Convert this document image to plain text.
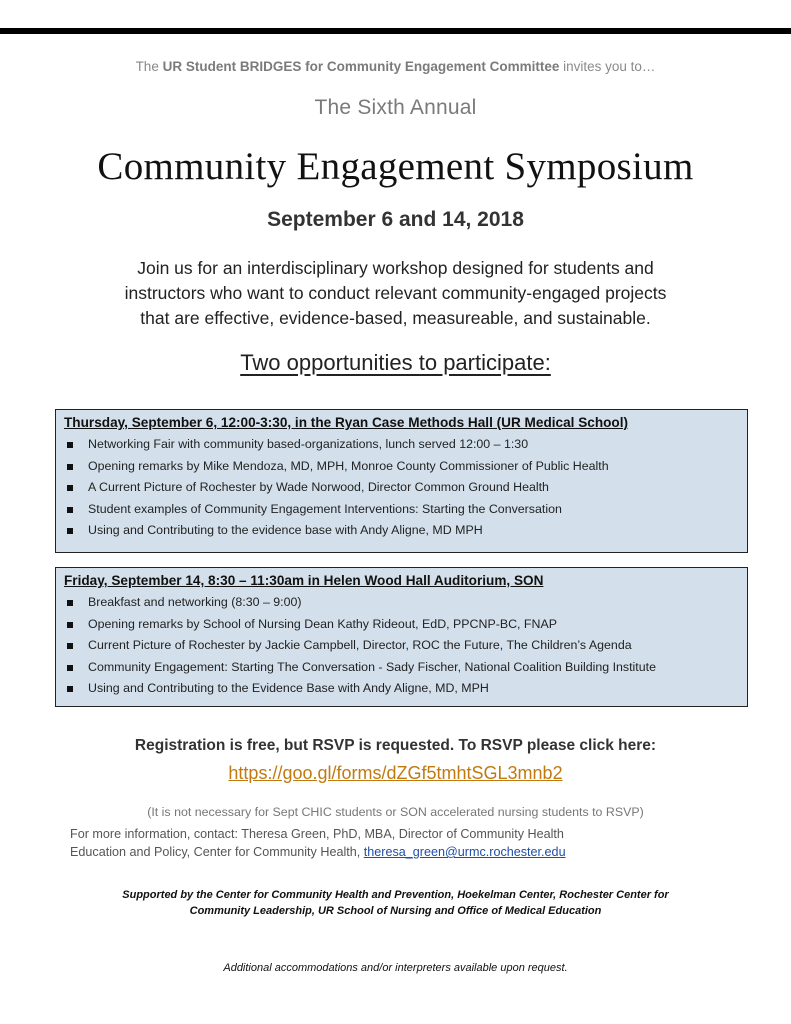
The UR Student BRIDGES for Community Engagement Committee invites you to…
The Sixth Annual
Community Engagement Symposium
September 6 and 14, 2018
Join us for an interdisciplinary workshop designed for students and
instructors who want to conduct relevant community-engaged projects
that are effective, evidence-based, measureable, and sustainable.
Two opportunities to participate:
Thursday, September 6, 12:00-3:30, in the Ryan Case Methods Hall (UR Medical School)
Networking Fair with community based-organizations, lunch served 12:00 – 1:30
Opening remarks by Mike Mendoza, MD, MPH, Monroe County Commissioner of Public Health
A Current Picture of Rochester by Wade Norwood, Director Common Ground Health
Student examples of Community Engagement Interventions: Starting the Conversation
Using and Contributing to the evidence base with Andy Aligne, MD MPH
Friday, September 14, 8:30 – 11:30am in Helen Wood Hall Auditorium, SON
Breakfast and networking (8:30 – 9:00)
Opening remarks by School of Nursing Dean Kathy Rideout, EdD, PPCNP-BC, FNAP
Current Picture of Rochester by Jackie Campbell, Director, ROC the Future, The Children’s Agenda
Community Engagement: Starting The Conversation - Sady Fischer, National Coalition Building Institute
Using and Contributing to the Evidence Base with Andy Aligne, MD, MPH
Registration is free, but RSVP is requested. To RSVP please click here:
https://goo.gl/forms/dZGf5tmhtSGL3mnb2
(It is not necessary for Sept CHIC students or SON accelerated nursing students to RSVP)
For more information, contact: Theresa Green, PhD, MBA, Director of Community Health
Education and Policy, Center for Community Health, theresa_green@urmc.rochester.edu
Supported by the Center for Community Health and Prevention, Hoekelman Center, Rochester Center for
Community Leadership, UR School of Nursing and Office of Medical Education
Additional accommodations and/or interpreters available upon request.
